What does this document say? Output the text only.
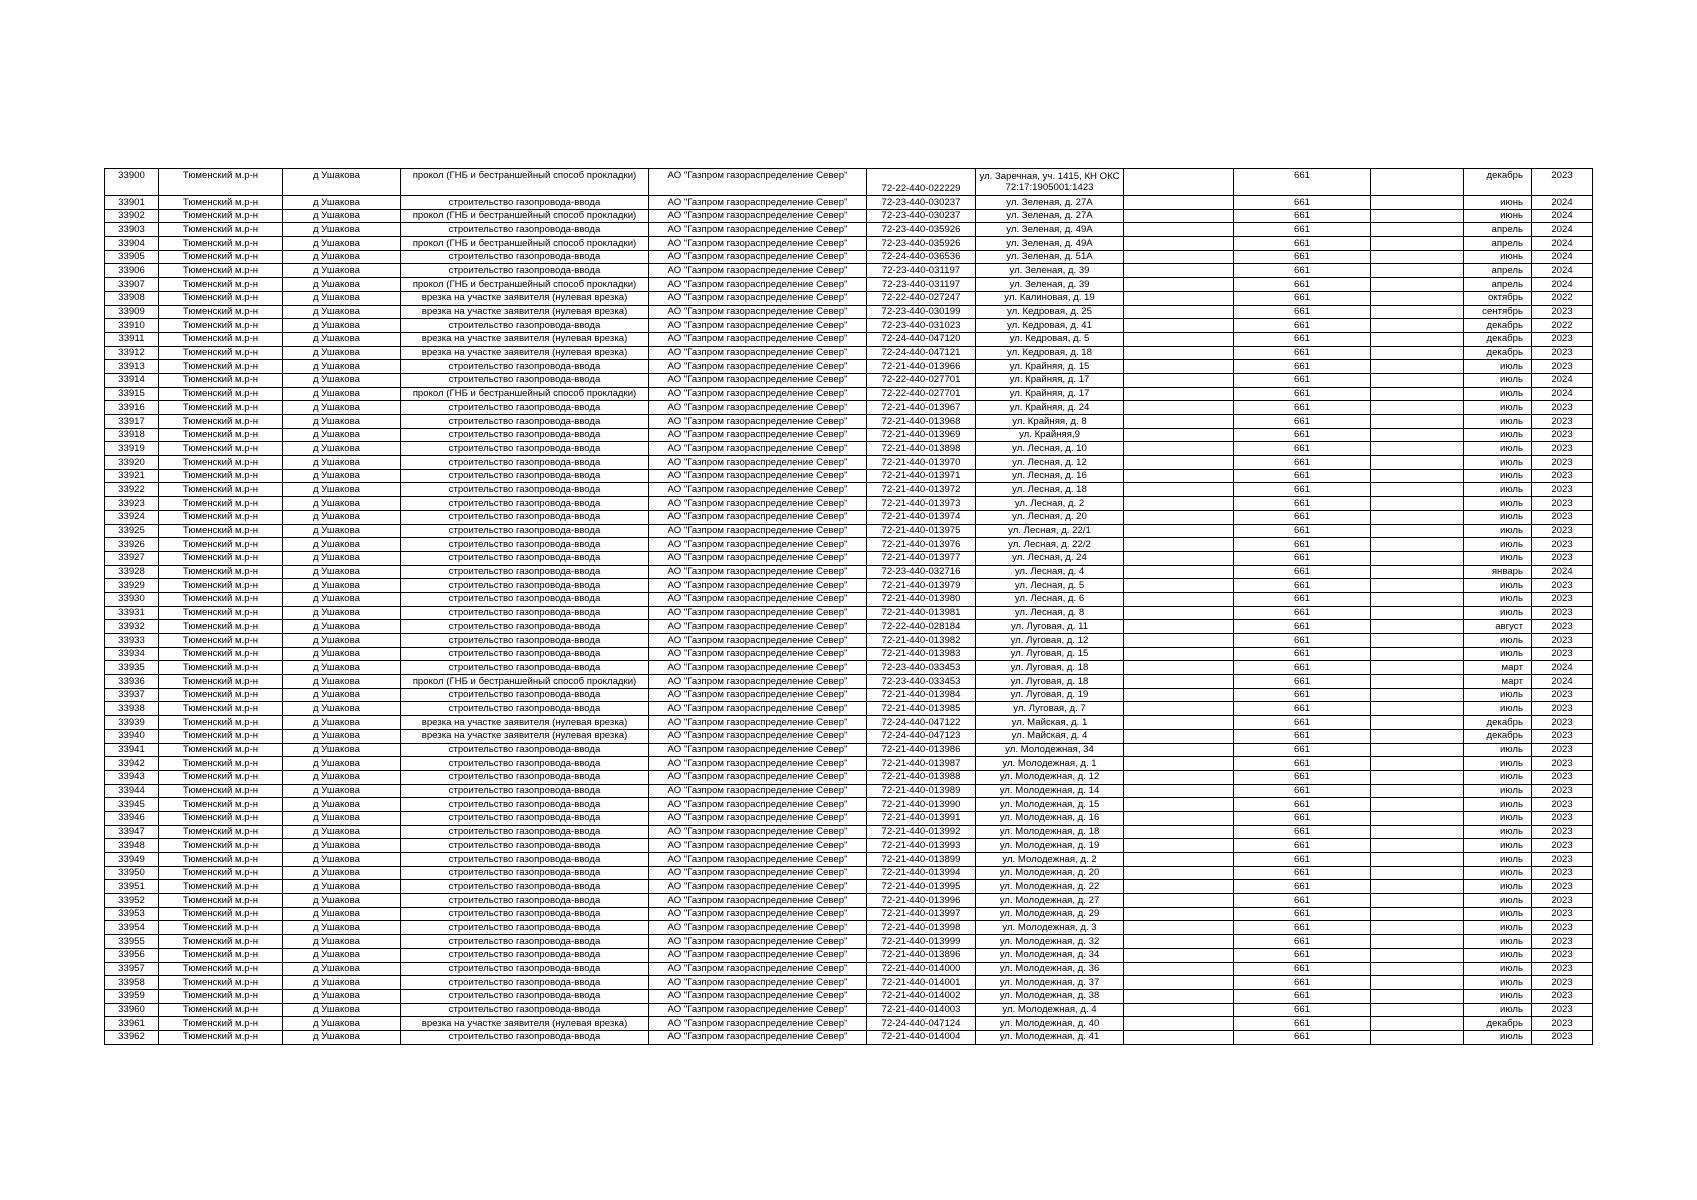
33900	Тюменский м.р-н	д Ушакова	прокол (ГНБ и бестраншейный способ прокладки)	АО "Газпром газораспределение Север"	72-22-440-022229	ул. Заречная, уч. 1415, КН ОКС 72:17:1905001:1423		661		декабрь	2023
33901	Тюменский м.р-н	д Ушакова	строительство газопровода-ввода	АО "Газпром газораспределение Север"	72-23-440-030237	ул. Зеленая, д. 27А		661		июнь	2024
33902	Тюменский м.р-н	д Ушакова	прокол (ГНБ и бестраншейный способ прокладки)	АО "Газпром газораспределение Север"	72-23-440-030237	ул. Зеленая, д. 27А		661		июнь	2024
33903	Тюменский м.р-н	д Ушакова	строительство газопровода-ввода	АО "Газпром газораспределение Север"	72-23-440-035926	ул. Зеленая, д. 49А		661		апрель	2024
33904	Тюменский м.р-н	д Ушакова	прокол (ГНБ и бестраншейный способ прокладки)	АО "Газпром газораспределение Север"	72-23-440-035926	ул. Зеленая, д. 49А		661		апрель	2024
33905	Тюменский м.р-н	д Ушакова	строительство газопровода-ввода	АО "Газпром газораспределение Север"	72-24-440-036536	ул. Зеленая, д. 51А		661		июнь	2024
33906	Тюменский м.р-н	д Ушакова	строительство газопровода-ввода	АО "Газпром газораспределение Север"	72-23-440-031197	ул. Зеленая, д. 39		661		апрель	2024
33907	Тюменский м.р-н	д Ушакова	прокол (ГНБ и бестраншейный способ прокладки)	АО "Газпром газораспределение Север"	72-23-440-031197	ул. Зеленая, д. 39		661		апрель	2024
33908	Тюменский м.р-н	д Ушакова	врезка на участке заявителя (нулевая врезка)	АО "Газпром газораспределение Север"	72-22-440-027247	ул. Калиновая, д. 19		661		октябрь	2022
33909	Тюменский м.р-н	д Ушакова	врезка на участке заявителя (нулевая врезка)	АО "Газпром газораспределение Север"	72-23-440-030199	ул. Кедровая, д. 25		661		сентябрь	2023
33910	Тюменский м.р-н	д Ушакова	строительство газопровода-ввода	АО "Газпром газораспределение Север"	72-23-440-031023	ул. Кедровая, д. 41		661		декабрь	2022
33911	Тюменский м.р-н	д Ушакова	врезка на участке заявителя (нулевая врезка)	АО "Газпром газораспределение Север"	72-24-440-047120	ул. Кедровая, д. 5		661		декабрь	2023
33912	Тюменский м.р-н	д Ушакова	врезка на участке заявителя (нулевая врезка)	АО "Газпром газораспределение Север"	72-24-440-047121	ул. Кедровая, д. 18		661		декабрь	2023
33913	Тюменский м.р-н	д Ушакова	строительство газопровода-ввода	АО "Газпром газораспределение Север"	72-21-440-013966	ул. Крайняя, д. 15		661		июль	2023
33914	Тюменский м.р-н	д Ушакова	строительство газопровода-ввода	АО "Газпром газораспределение Север"	72-22-440-027701	ул. Крайняя, д. 17		661		июль	2024
33915	Тюменский м.р-н	д Ушакова	прокол (ГНБ и бестраншейный способ прокладки)	АО "Газпром газораспределение Север"	72-22-440-027701	ул. Крайняя, д. 17		661		июль	2024
33916	Тюменский м.р-н	д Ушакова	строительство газопровода-ввода	АО "Газпром газораспределение Север"	72-21-440-013967	ул. Крайняя, д. 24		661		июль	2023
33917	Тюменский м.р-н	д Ушакова	строительство газопровода-ввода	АО "Газпром газораспределение Север"	72-21-440-013968	ул. Крайняя, д. 8		661		июль	2023
33918	Тюменский м.р-н	д Ушакова	строительство газопровода-ввода	АО "Газпром газораспределение Север"	72-21-440-013969	ул. Крайняя,9		661		июль	2023
33919	Тюменский м.р-н	д Ушакова	строительство газопровода-ввода	АО "Газпром газораспределение Север"	72-21-440-013898	ул. Лесная, д. 10		661		июль	2023
33920	Тюменский м.р-н	д Ушакова	строительство газопровода-ввода	АО "Газпром газораспределение Север"	72-21-440-013970	ул. Лесная, д. 12		661		июль	2023
33921	Тюменский м.р-н	д Ушакова	строительство газопровода-ввода	АО "Газпром газораспределение Север"	72-21-440-013971	ул. Лесная, д. 16		661		июль	2023
33922	Тюменский м.р-н	д Ушакова	строительство газопровода-ввода	АО "Газпром газораспределение Север"	72-21-440-013972	ул. Лесная, д. 18		661		июль	2023
33923	Тюменский м.р-н	д Ушакова	строительство газопровода-ввода	АО "Газпром газораспределение Север"	72-21-440-013973	ул. Лесная, д. 2		661		июль	2023
33924	Тюменский м.р-н	д Ушакова	строительство газопровода-ввода	АО "Газпром газораспределение Север"	72-21-440-013974	ул. Лесная, д. 20		661		июль	2023
33925	Тюменский м.р-н	д Ушакова	строительство газопровода-ввода	АО "Газпром газораспределение Север"	72-21-440-013975	ул. Лесная, д. 22/1		661		июль	2023
33926	Тюменский м.р-н	д Ушакова	строительство газопровода-ввода	АО "Газпром газораспределение Север"	72-21-440-013976	ул. Лесная, д. 22/2		661		июль	2023
33927	Тюменский м.р-н	д Ушакова	строительство газопровода-ввода	АО "Газпром газораспределение Север"	72-21-440-013977	ул. Лесная, д. 24		661		июль	2023
33928	Тюменский м.р-н	д Ушакова	строительство газопровода-ввода	АО "Газпром газораспределение Север"	72-23-440-032716	ул. Лесная, д. 4		661		январь	2024
33929	Тюменский м.р-н	д Ушакова	строительство газопровода-ввода	АО "Газпром газораспределение Север"	72-21-440-013979	ул. Лесная, д. 5		661		июль	2023
33930	Тюменский м.р-н	д Ушакова	строительство газопровода-ввода	АО "Газпром газораспределение Север"	72-21-440-013980	ул. Лесная, д. 6		661		июль	2023
33931	Тюменский м.р-н	д Ушакова	строительство газопровода-ввода	АО "Газпром газораспределение Север"	72-21-440-013981	ул. Лесная, д. 8		661		июль	2023
33932	Тюменский м.р-н	д Ушакова	строительство газопровода-ввода	АО "Газпром газораспределение Север"	72-22-440-028184	ул. Луговая, д. 11		661		август	2023
33933	Тюменский м.р-н	д Ушакова	строительство газопровода-ввода	АО "Газпром газораспределение Север"	72-21-440-013982	ул. Луговая, д. 12		661		июль	2023
33934	Тюменский м.р-н	д Ушакова	строительство газопровода-ввода	АО "Газпром газораспределение Север"	72-21-440-013983	ул. Луговая, д. 15		661		июль	2023
33935	Тюменский м.р-н	д Ушакова	строительство газопровода-ввода	АО "Газпром газораспределение Север"	72-23-440-033453	ул. Луговая, д. 18		661		март	2024
33936	Тюменский м.р-н	д Ушакова	прокол (ГНБ и бестраншейный способ прокладки)	АО "Газпром газораспределение Север"	72-23-440-033453	ул. Луговая, д. 18		661		март	2024
33937	Тюменский м.р-н	д Ушакова	строительство газопровода-ввода	АО "Газпром газораспределение Север"	72-21-440-013984	ул. Луговая, д. 19		661		июль	2023
33938	Тюменский м.р-н	д Ушакова	строительство газопровода-ввода	АО "Газпром газораспределение Север"	72-21-440-013985	ул. Луговая, д. 7		661		июль	2023
33939	Тюменский м.р-н	д Ушакова	врезка на участке заявителя (нулевая врезка)	АО "Газпром газораспределение Север"	72-24-440-047122	ул. Майская, д. 1		661		декабрь	2023
33940	Тюменский м.р-н	д Ушакова	врезка на участке заявителя (нулевая врезка)	АО "Газпром газораспределение Север"	72-24-440-047123	ул. Майская, д. 4		661		декабрь	2023
33941	Тюменский м.р-н	д Ушакова	строительство газопровода-ввода	АО "Газпром газораспределение Север"	72-21-440-013986	ул. Молодежная, 34		661		июль	2023
33942	Тюменский м.р-н	д Ушакова	строительство газопровода-ввода	АО "Газпром газораспределение Север"	72-21-440-013987	ул. Молодежная, д. 1		661		июль	2023
33943	Тюменский м.р-н	д Ушакова	строительство газопровода-ввода	АО "Газпром газораспределение Север"	72-21-440-013988	ул. Молодежная, д. 12		661		июль	2023
33944	Тюменский м.р-н	д Ушакова	строительство газопровода-ввода	АО "Газпром газораспределение Север"	72-21-440-013989	ул. Молодежная, д. 14		661		июль	2023
33945	Тюменский м.р-н	д Ушакова	строительство газопровода-ввода	АО "Газпром газораспределение Север"	72-21-440-013990	ул. Молодежная, д. 15		661		июль	2023
33946	Тюменский м.р-н	д Ушакова	строительство газопровода-ввода	АО "Газпром газораспределение Север"	72-21-440-013991	ул. Молодежная, д. 16		661		июль	2023
33947	Тюменский м.р-н	д Ушакова	строительство газопровода-ввода	АО "Газпром газораспределение Север"	72-21-440-013992	ул. Молодежная, д. 18		661		июль	2023
33948	Тюменский м.р-н	д Ушакова	строительство газопровода-ввода	АО "Газпром газораспределение Север"	72-21-440-013993	ул. Молодежная, д. 19		661		июль	2023
33949	Тюменский м.р-н	д Ушакова	строительство газопровода-ввода	АО "Газпром газораспределение Север"	72-21-440-013899	ул. Молодежная, д. 2		661		июль	2023
33950	Тюменский м.р-н	д Ушакова	строительство газопровода-ввода	АО "Газпром газораспределение Север"	72-21-440-013994	ул. Молодежная, д. 20		661		июль	2023
33951	Тюменский м.р-н	д Ушакова	строительство газопровода-ввода	АО "Газпром газораспределение Север"	72-21-440-013995	ул. Молодежная, д. 22		661		июль	2023
33952	Тюменский м.р-н	д Ушакова	строительство газопровода-ввода	АО "Газпром газораспределение Север"	72-21-440-013996	ул. Молодежная, д. 27		661		июль	2023
33953	Тюменский м.р-н	д Ушакова	строительство газопровода-ввода	АО "Газпром газораспределение Север"	72-21-440-013997	ул. Молодежная, д. 29		661		июль	2023
33954	Тюменский м.р-н	д Ушакова	строительство газопровода-ввода	АО "Газпром газораспределение Север"	72-21-440-013998	ул. Молодежная, д. 3		661		июль	2023
33955	Тюменский м.р-н	д Ушакова	строительство газопровода-ввода	АО "Газпром газораспределение Север"	72-21-440-013999	ул. Молодежная, д. 32		661		июль	2023
33956	Тюменский м.р-н	д Ушакова	строительство газопровода-ввода	АО "Газпром газораспределение Север"	72-21-440-013896	ул. Молодежная, д. 34		661		июль	2023
33957	Тюменский м.р-н	д Ушакова	строительство газопровода-ввода	АО "Газпром газораспределение Север"	72-21-440-014000	ул. Молодежная, д. 36		661		июль	2023
33958	Тюменский м.р-н	д Ушакова	строительство газопровода-ввода	АО "Газпром газораспределение Север"	72-21-440-014001	ул. Молодежная, д. 37		661		июль	2023
33959	Тюменский м.р-н	д Ушакова	строительство газопровода-ввода	АО "Газпром газораспределение Север"	72-21-440-014002	ул. Молодежная, д. 38		661		июль	2023
33960	Тюменский м.р-н	д Ушакова	строительство газопровода-ввода	АО "Газпром газораспределение Север"	72-21-440-014003	ул. Молодежная, д. 4		661		июль	2023
33961	Тюменский м.р-н	д Ушакова	врезка на участке заявителя (нулевая врезка)	АО "Газпром газораспределение Север"	72-24-440-047124	ул. Молодежная, д. 40		661		декабрь	2023
33962	Тюменский м.р-н	д Ушакова	строительство газопровода-ввода	АО "Газпром газораспределение Север"	72-21-440-014004	ул. Молодежная, д. 41		661		июль	2023
